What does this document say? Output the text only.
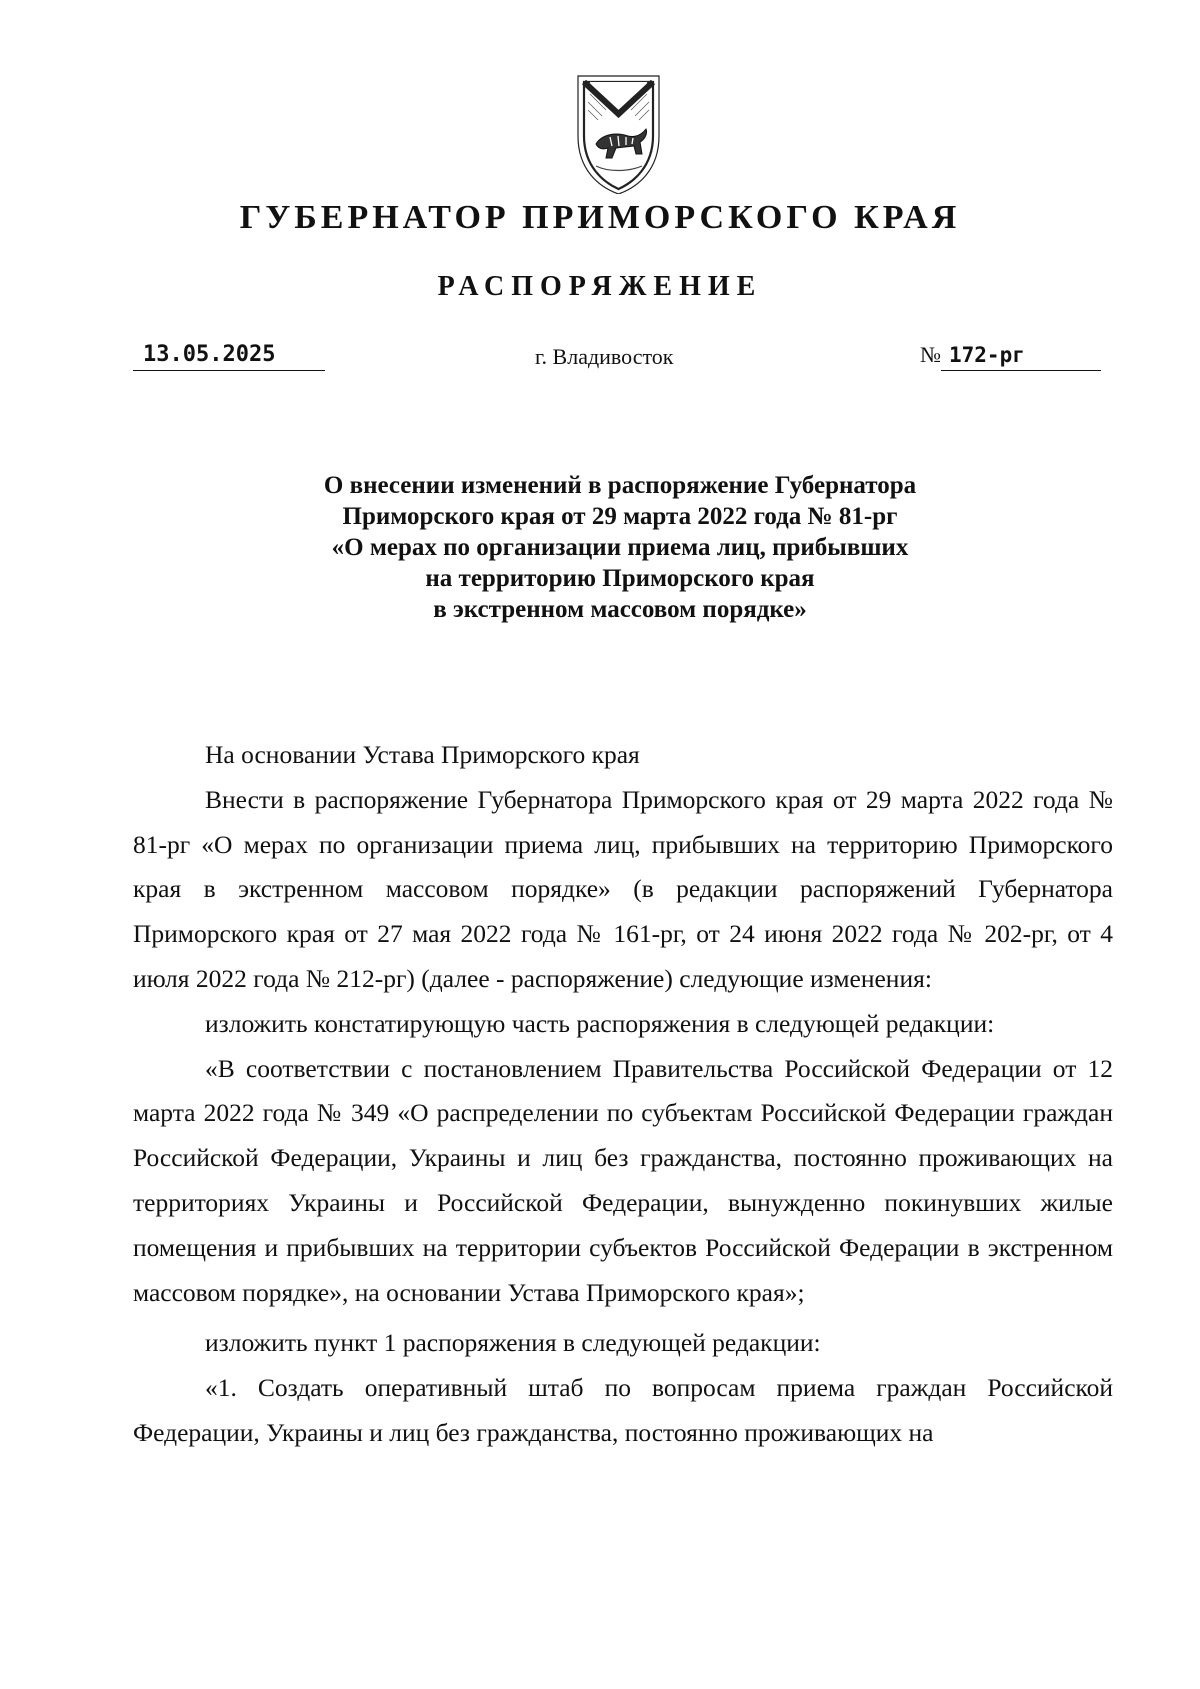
ГУБЕРНАТОР ПРИМОРСКОГО КРАЯ
РАСПОРЯЖЕНИЕ
13.05.2025	г. Владивосток	№ 172-рг
О внесении изменений в распоряжение Губернатора
Приморского края от 29 марта 2022 года № 81-рг
«О мерах по организации приема лиц, прибывших
на территорию Приморского края
в экстренном массовом порядке»

На основании Устава Приморского края

Внести в распоряжение Губернатора Приморского края от 29 марта 2022 года № 81-рг «О мерах по организации приема лиц, прибывших на территорию Приморского края в экстренном массовом порядке» (в редакции распоряжений Губернатора Приморского края от 27 мая 2022 года № 161-рг, от 24 июня 2022 года № 202-рг, от 4 июля 2022 года № 212-рг) (далее - распоряжение) следующие изменения:

изложить констатирующую часть распоряжения в следующей редакции:

«В соответствии с постановлением Правительства Российской Федерации от 12 марта 2022 года № 349 «О распределении по субъектам Российской Федерации граждан Российской Федерации, Украины и лиц без гражданства, постоянно проживающих на территориях Украины и Российской Федерации, вынужденно покинувших жилые помещения и прибывших на территории субъектов Российской Федерации в экстренном массовом порядке», на основании Устава Приморского края»;

изложить пункт 1 распоряжения в следующей редакции:

«1. Создать оперативный штаб по вопросам приема граждан Российской Федерации, Украины и лиц без гражданства, постоянно проживающих на
